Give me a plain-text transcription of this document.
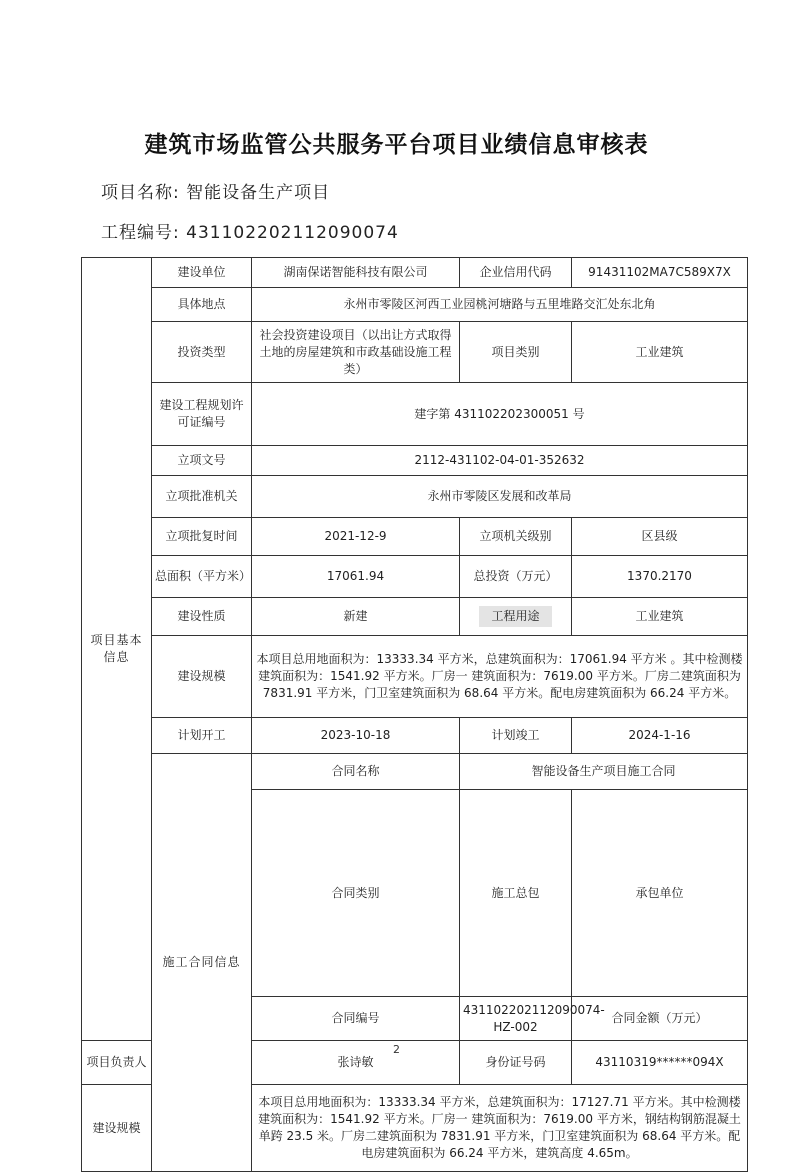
建筑市场监管公共服务平台项目业绩信息审核表
项目名称: 智能设备生产项目
工程编号: 431102202112090074
项目基本信息	建设单位	湖南保诺智能科技有限公司	企业信用代码	91431102MA7C589X7X	
	具体地点	永州市零陵区河西工业园桃河塘路与五里堆路交汇处东北角			
	投资类型	社会投资建设项目（以出让方式取得土地的房屋建筑和市政基础设施工程类）	项目类别	工业建筑	
	建设工程规划许可证编号	建字第 431102202300051 号			
	立项文号	2112-431102-04-01-352632			
	立项批准机关	永州市零陵区发展和改革局			
	立项批复时间	2021-12-9	立项机关级别	区县级	
	总面积（平方米）	17061.94	总投资（万元）	1370.2170	
	建设性质	新建	工程用途	工业建筑	
	建设规模	本项目总用地面积为：13333.34 平方米，总建筑面积为：17061.94 平方米 。其中检测楼建筑面积为：1541.92 平方米。厂房一 建筑面积为：7619.00 平方米。厂房二建筑面积为 7831.91 平方米，门卫室建筑面积为 68.64 平方米。配电房建筑面积为 66.24 平方米。			
	计划开工	2023-10-18	计划竣工	2024-1-16	
	施工合同信息	合同名称	智能设备生产项目施工合同		
		合同类别	施工总包	承包单位	
		合同编号	431102202112090074-HZ-002	合同金额（万元）	
项目负责人		张诗敏	身份证号码	43110319******094X	
建设规模		本项目总用地面积为：13333.34 平方米，总建筑面积为：17127.71 平方米。其中检测楼建筑面积为：1541.92 平方米。厂房一 建筑面积为：7619.00 平方米，钢结构钢筋混凝土单跨 23.5 米。厂房二建筑面积为 7831.91 平方米，门卫室建筑面积为 68.64 平方米。配电房建筑面积为 66.24 平方米，建筑高度 4.65m。			
2
